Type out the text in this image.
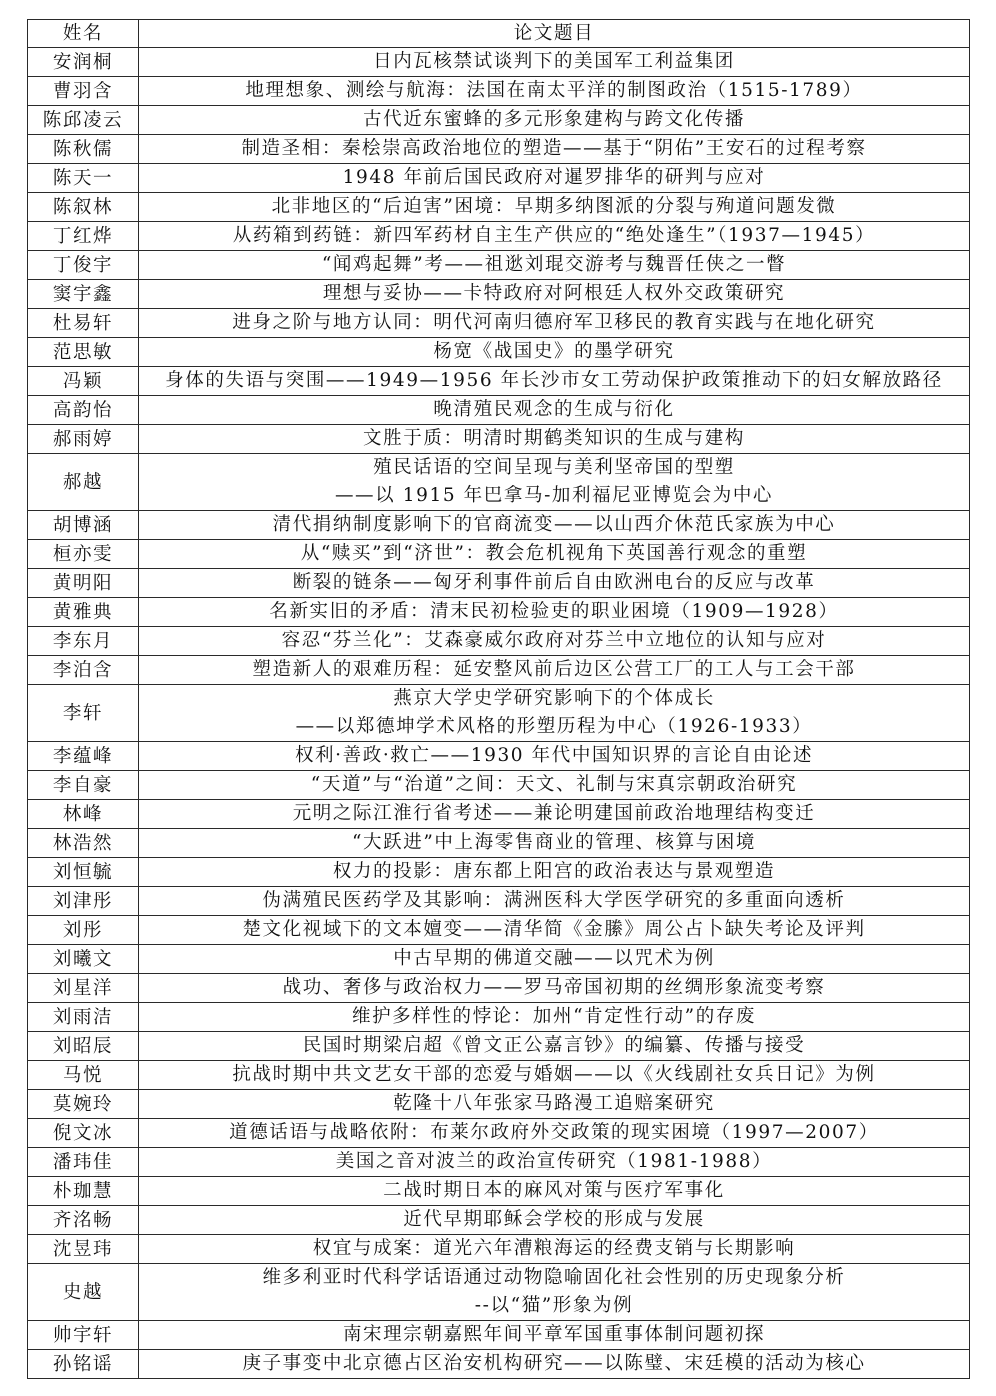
姓名	论文题目
安润桐	日内瓦核禁试谈判下的美国军工利益集团

曹羽含	地理想象、测绘与航海：法国在南太平洋的制图政治（1515-1789）

陈邱凌云	古代近东蜜蜂的多元形象建构与跨文化传播

陈秋儒	制造圣相：秦桧崇高政治地位的塑造——基于“阴佑”王安石的过程考察

陈天一	1948 年前后国民政府对暹罗排华的研判与应对

陈叙林	北非地区的“后迫害”困境：早期多纳图派的分裂与殉道问题发微

丁红烨	从药箱到药链：新四军药材自主生产供应的“绝处逢生”（1937—1945）

丁俊宇	“闻鸡起舞”考——祖逖刘琨交游考与魏晋任侠之一瞥

窦宇鑫	理想与妥协——卡特政府对阿根廷人权外交政策研究

杜易轩	进身之阶与地方认同：明代河南归德府军卫移民的教育实践与在地化研究

范思敏	杨宽《战国史》的墨学研究

冯颖	身体的失语与突围——1949—1956 年长沙市女工劳动保护政策推动下的妇女解放路径

高韵怡	晚清殖民观念的生成与衍化

郝雨婷	文胜于质：明清时期鹤类知识的生成与建构

郝越	殖民话语的空间呈现与美利坚帝国的型塑
——以 1915 年巴拿马-加利福尼亚博览会为中心

胡博涵	清代捐纳制度影响下的官商流变——以山西介休范氏家族为中心

桓亦雯	从“赎买”到“济世”：教会危机视角下英国善行观念的重塑

黄明阳	断裂的链条——匈牙利事件前后自由欧洲电台的反应与改革

黄雅典	名新实旧的矛盾：清末民初检验吏的职业困境（1909—1928）

李东月	容忍“芬兰化”：艾森豪威尔政府对芬兰中立地位的认知与应对

李泊含	塑造新人的艰难历程：延安整风前后边区公营工厂的工人与工会干部

李轩	燕京大学史学研究影响下的个体成长
——以郑德坤学术风格的形塑历程为中心（1926-1933）

李蕴峰	权利·善政·救亡——1930 年代中国知识界的言论自由论述

李自豪	“天道”与“治道”之间：天文、礼制与宋真宗朝政治研究

林峰	元明之际江淮行省考述——兼论明建国前政治地理结构变迁

林浩然	“大跃进”中上海零售商业的管理、核算与困境

刘恒毓	权力的投影：唐东都上阳宫的政治表达与景观塑造

刘津彤	伪满殖民医药学及其影响：满洲医科大学医学研究的多重面向透析

刘彤	楚文化视域下的文本嬗变——清华简《金縢》周公占卜缺失考论及评判

刘曦文	中古早期的佛道交融——以咒术为例

刘星洋	战功、奢侈与政治权力——罗马帝国初期的丝绸形象流变考察

刘雨洁	维护多样性的悖论：加州“肯定性行动”的存废

刘昭辰	民国时期梁启超《曾文正公嘉言钞》的编纂、传播与接受

马悦	抗战时期中共文艺女干部的恋爱与婚姻——以《火线剧社女兵日记》为例

莫婉玲	乾隆十八年张家马路漫工追赔案研究

倪文冰	道德话语与战略依附：布莱尔政府外交政策的现实困境（1997—2007）

潘玮佳	美国之音对波兰的政治宣传研究（1981-1988）

朴珈慧	二战时期日本的麻风对策与医疗军事化

齐洺畅	近代早期耶稣会学校的形成与发展

沈昱玮	权宜与成案：道光六年漕粮海运的经费支销与长期影响

史越	维多利亚时代科学话语通过动物隐喻固化社会性别的历史现象分析
--以“猫”形象为例

帅宇轩	南宋理宗朝嘉熙年间平章军国重事体制问题初探

孙铭谣	庚子事变中北京德占区治安机构研究——以陈璧、宋廷模的活动为核心
